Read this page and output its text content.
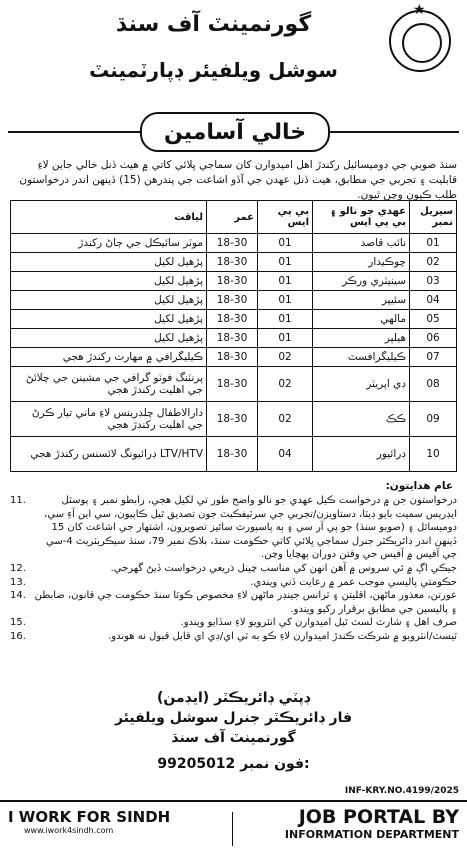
★
گورنمينٽ آف سنڌ
سوشل ويلفيئر ڊپارٽمينٽ
خالي آسامين
سنڌ صوبي جي ڊوميسائيل رکندڙ اهل اميدوارن کان سماجي ڀلائي کاتي ۾ هيٺ ڏنل خالي جاين لاءِ قابليت ۽ تجربي جي مطابق، هيٺ ڏنل عهدن جي آڏو اشاعت جي پندرهن (15) ڏينهن اندر درخواستون طلب ڪيون وڃن ٿيون.
سيريل نمبر	عهدي جو نالو ۽ بي پي ايس	بي پي ايس	عمر	لياقت
01	نائب قاصد	01	18-30	موٽر سائيڪل جي ڄاڻ رکندڙ
02	چوڪيدار	01	18-30	پڙهيل لکيل
03	سينيٽري ورڪر	01	18-30	پڙهيل لکيل
04	سئيپر	01	18-30	پڙهيل لکيل
05	مالهي	01	18-30	پڙهيل لکيل
06	هيلپر	01	18-30	پڙهيل لکيل
07	ڪيليگرافسٽ	02	18-30	ڪيليگرافي ۾ مهارت رکندڙ هجي
08	ڊي اپريٽر	02	18-30	پرنٽنگ فوٽو گرافي جي مشينن جي چلائڻ جي اهليت رکندڙ هجي
09	ڪڪ	02	18-30	دارالاطفال چلڊرينس لاءِ ماني تيار ڪرڻ جي اهليت رکندڙ هجي
10	ڊرائيور	04	18-30	LTV/HTV ڊرائيونگ لائسنس رکندڙ هجي
عام هدايتون:
11.	درخواستون جن ۾ درخواست ڪيل عهدي جو نالو واضح طور تي لکيل هجي، رابطو نمبر ۽ پوسٽل ايڊريس سميت بايو ڊيٽا، دستاويزن/تجربي جي سرٽيفڪيٽ جون تصديق ٿيل ڪاپيون، سي اين آءِ سي، ڊوميسائل ۽ (صوبو سنڌ) جو پي آر سي ۽ ٻه پاسپورٽ سائيز تصويرون، اشتهار جي اشاعت کان 15 ڏينهن اندر ڊائريڪٽر جنرل سماجي ڀلائي کاتي حڪومت سنڌ، بلاڪ نمبر 79، سنڌ سيڪريٽريٽ 4-سي جي آفيس ۾ آفيس جي وقتن دوران پهچايا وڃن.
12.	جيڪي اڳ ۾ ئي سروس ۾ آهن انهن کي مناسب چينل ذريعي درخواست ڏيڻ گهرجي.
13.	حڪومتي پاليسي موجب عمر ۾ رعايت ڏني ويندي.
14. عورتن، معذور ماڻهن، اقليتن ۽ ٽرانس جينڊر ماڻهن لاءِ مخصوص ڪوٽا سنڌ حڪومت جي قانون، ضابطن ۽ پاليسين جي مطابق برقرار رکيو ويندو.
15.	صرف اهل ۽ شارٽ لسٽ ٿيل اميدوارن کي انٽرويو لاءِ سڏايو ويندو.
16.	ٽيسٽ/انٽرويو ۾ شرڪت ڪندڙ اميدوارن لاءِ ڪو به ٽي اي/ڊي اي قابل قبول نه هوندو.
ڊپٽي ڊائريڪٽر (ايڊمن)
فار ڊائريڪٽر جنرل سوشل ويلفيئر
گورنمينٽ آف سنڌ
99205012 فون نمبر:
INF-KRY.NO.4199/2025
I WORK FOR SINDH
www.iwork4sindh.com
JOB PORTAL BY
INFORMATION DEPARTMENT
